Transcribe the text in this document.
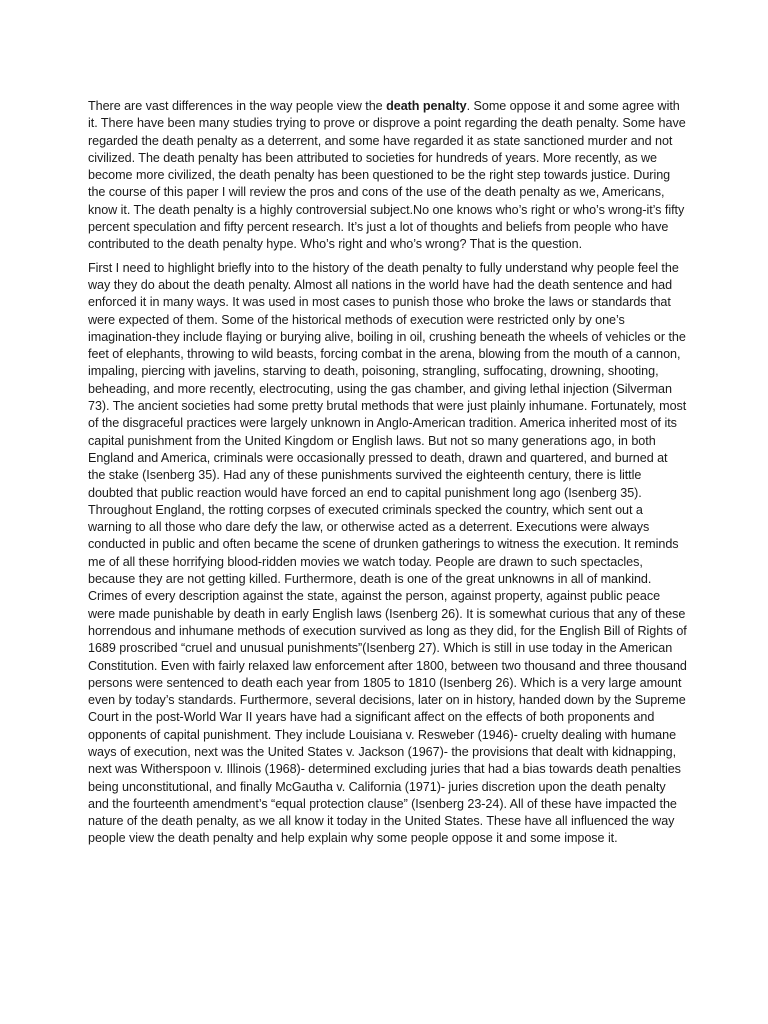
There are vast differences in the way people view the death penalty. Some oppose it and some agree with it. There have been many studies trying to prove or disprove a point regarding the death penalty. Some have regarded the death penalty as a deterrent, and some have regarded it as state sanctioned murder and not civilized. The death penalty has been attributed to societies for hundreds of years. More recently, as we become more civilized, the death penalty has been questioned to be the right step towards justice. During the course of this paper I will review the pros and cons of the use of the death penalty as we, Americans, know it. The death penalty is a highly controversial subject.No one knows who’s right or who’s wrong-it’s fifty percent speculation and fifty percent research. It’s just a lot of thoughts and beliefs from people who have contributed to the death penalty hype. Who’s right and who’s wrong? That is the question.

First I need to highlight briefly into to the history of the death penalty to fully understand why people feel the way they do about the death penalty. Almost all nations in the world have had the death sentence and had enforced it in many ways. It was used in most cases to punish those who broke the laws or standards that were expected of them. Some of the historical methods of execution were restricted only by one’s imagination-they include flaying or burying alive, boiling in oil, crushing beneath the wheels of vehicles or the feet of elephants, throwing to wild beasts, forcing combat in the arena, blowing from the mouth of a cannon, impaling, piercing with javelins, starving to death, poisoning, strangling, suffocating, drowning, shooting, beheading, and more recently, electrocuting, using the gas chamber, and giving lethal injection (Silverman 73). The ancient societies had some pretty brutal methods that were just plainly inhumane. Fortunately, most of the disgraceful practices were largely unknown in Anglo-American tradition. America inherited most of its capital punishment from the United Kingdom or English laws. But not so many generations ago, in both England and America, criminals were occasionally pressed to death, drawn and quartered, and burned at the stake (Isenberg 35). Had any of these punishments survived the eighteenth century, there is little doubted that public reaction would have forced an end to capital punishment long ago (Isenberg 35). Throughout England, the rotting corpses of executed criminals specked the country, which sent out a warning to all those who dare defy the law, or otherwise acted as a deterrent. Executions were always conducted in public and often became the scene of drunken gatherings to witness the execution. It reminds me of all these horrifying blood-ridden movies we watch today. People are drawn to such spectacles, because they are not getting killed. Furthermore, death is one of the great unknowns in all of mankind. Crimes of every description against the state, against the person, against property, against public peace were made punishable by death in early English laws (Isenberg 26). It is somewhat curious that any of these horrendous and inhumane methods of execution survived as long as they did, for the English Bill of Rights of 1689 proscribed “cruel and unusual punishments”(Isenberg 27). Which is still in use today in the American Constitution. Even with fairly relaxed law enforcement after 1800, between two thousand and three thousand persons were sentenced to death each year from 1805 to 1810 (Isenberg 26). Which is a very large amount even by today’s standards. Furthermore, several decisions, later on in history, handed down by the Supreme Court in the post-World War II years have had a significant affect on the effects of both proponents and opponents of capital punishment. They include Louisiana v. Resweber (1946)- cruelty dealing with humane ways of execution, next was the United States v. Jackson (1967)- the provisions that dealt with kidnapping, next was Witherspoon v. Illinois (1968)- determined excluding juries that had a bias towards death penalties being unconstitutional, and finally McGautha v. California (1971)- juries discretion upon the death penalty and the fourteenth amendment’s “equal protection clause” (Isenberg 23-24). All of these have impacted the nature of the death penalty, as we all know it today in the United States. These have all influenced the way people view the death penalty and help explain why some people oppose it and some impose it.
